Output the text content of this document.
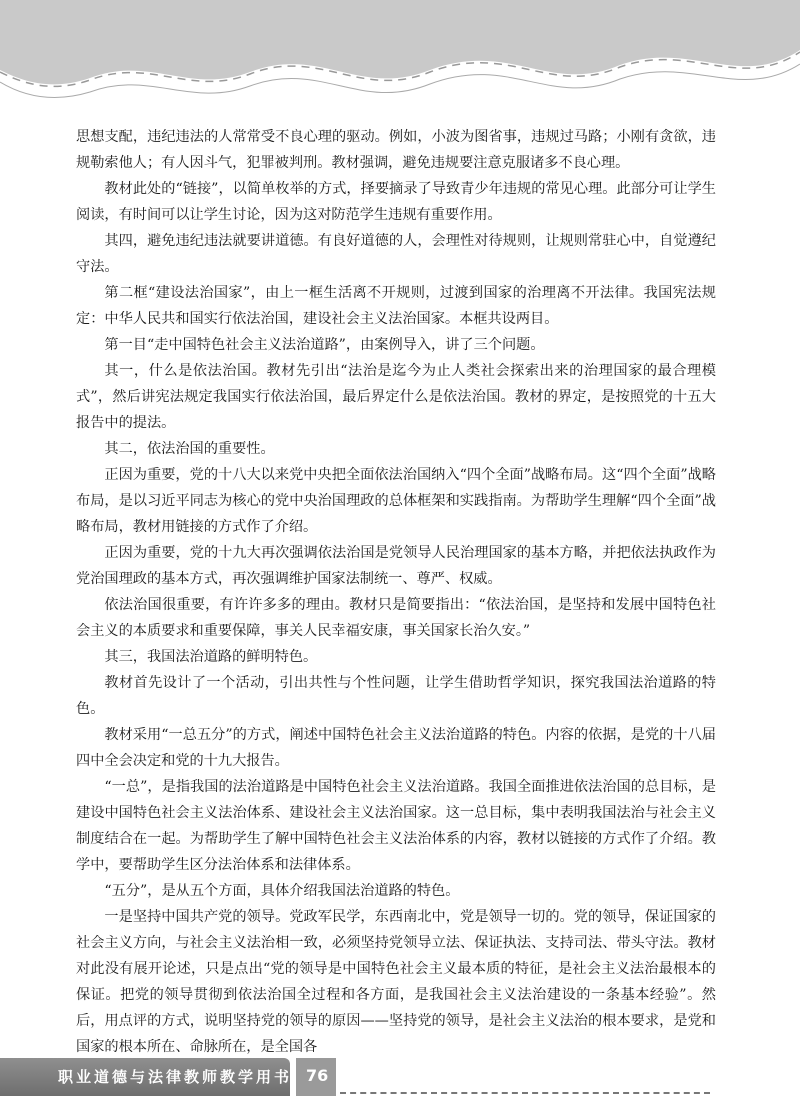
思想支配，违纪违法的人常常受不良心理的驱动。例如，小波为图省事，违规过马路；小刚有贪欲，违规勒索他人；有人因斗气，犯罪被判刑。教材强调，避免违规要注意克服诸多不良心理。

教材此处的“链接”，以简单枚举的方式，择要摘录了导致青少年违规的常见心理。此部分可让学生阅读，有时间可以让学生讨论，因为这对防范学生违规有重要作用。

其四，避免违纪违法就要讲道德。有良好道德的人，会理性对待规则，让规则常驻心中，自觉遵纪守法。

第二框“建设法治国家”，由上一框生活离不开规则，过渡到国家的治理离不开法律。我国宪法规定：中华人民共和国实行依法治国，建设社会主义法治国家。本框共设两目。

第一目“走中国特色社会主义法治道路”，由案例导入，讲了三个问题。

其一，什么是依法治国。教材先引出“法治是迄今为止人类社会探索出来的治理国家的最合理模式”，然后讲宪法规定我国实行依法治国，最后界定什么是依法治国。教材的界定，是按照党的十五大报告中的提法。

其二，依法治国的重要性。

正因为重要，党的十八大以来党中央把全面依法治国纳入“四个全面”战略布局。这“四个全面”战略布局，是以习近平同志为核心的党中央治国理政的总体框架和实践指南。为帮助学生理解“四个全面”战略布局，教材用链接的方式作了介绍。

正因为重要，党的十九大再次强调依法治国是党领导人民治理国家的基本方略，并把依法执政作为党治国理政的基本方式，再次强调维护国家法制统一、尊严、权威。

依法治国很重要，有许许多多的理由。教材只是简要指出：“依法治国，是坚持和发展中国特色社会主义的本质要求和重要保障，事关人民幸福安康，事关国家长治久安。”

其三，我国法治道路的鲜明特色。

教材首先设计了一个活动，引出共性与个性问题，让学生借助哲学知识，探究我国法治道路的特色。

教材采用“一总五分”的方式，阐述中国特色社会主义法治道路的特色。内容的依据，是党的十八届四中全会决定和党的十九大报告。

“一总”，是指我国的法治道路是中国特色社会主义法治道路。我国全面推进依法治国的总目标，是建设中国特色社会主义法治体系、建设社会主义法治国家。这一总目标，集中表明我国法治与社会主义制度结合在一起。为帮助学生了解中国特色社会主义法治体系的内容，教材以链接的方式作了介绍。教学中，要帮助学生区分法治体系和法律体系。

“五分”，是从五个方面，具体介绍我国法治道路的特色。

一是坚持中国共产党的领导。党政军民学，东西南北中，党是领导一切的。党的领导，保证国家的社会主义方向，与社会主义法治相一致，必须坚持党领导立法、保证执法、支持司法、带头守法。教材对此没有展开论述，只是点出“党的领导是中国特色社会主义最本质的特征，是社会主义法治最根本的保证。把党的领导贯彻到依法治国全过程和各方面，是我国社会主义法治建设的一条基本经验”。然后，用点评的方式，说明坚持党的领导的原因——坚持党的领导，是社会主义法治的根本要求，是党和国家的根本所在、命脉所在，是全国各

职业道德与法律教师教学用书 76
